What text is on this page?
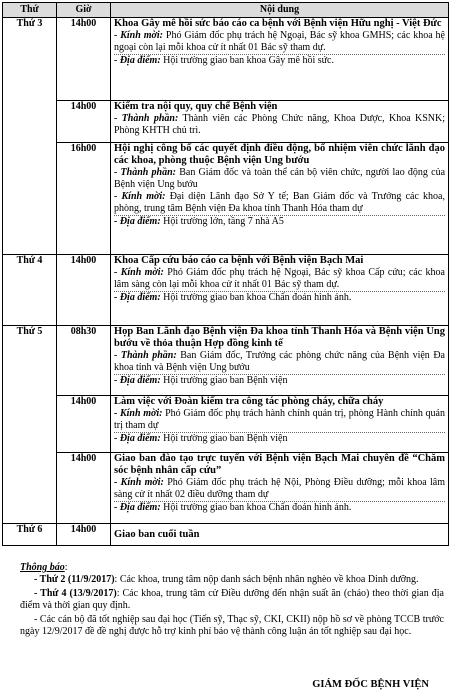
Thứ	Giờ	Nội dung
Thứ 3	14h00	Khoa Gây mê hồi sức báo cáo ca bệnh với Bệnh viện Hữu nghị - Việt Đức
- Kính mời: Phó Giám đốc phụ trách hệ Ngoại, Bác sỹ khoa GMHS; các khoa hệ ngoại còn lại mỗi khoa cử ít nhất 01 Bác sỹ tham dự.
- Địa điểm: Hội trường giao ban khoa Gây mê hồi sức.

	14h00	Kiểm tra nội quy, quy chế Bệnh viện
- Thành phần: Thành viên các Phòng Chức năng, Khoa Dược, Khoa KSNK; Phòng KHTH chủ trì.

	16h00	Hội nghị công bố các quyết định điều động, bổ nhiệm viên chức lãnh đạo các khoa, phòng thuộc Bệnh viện Ung bướu
- Thành phần: Ban Giám đốc và toàn thể cán bộ viên chức, người lao động của Bệnh viện Ung bướu
- Kính mời: Đại diện Lãnh đạo Sở Y tế; Ban Giám đốc và Trưởng các khoa, phòng, trung tâm Bệnh viện Đa khoa tỉnh Thanh Hóa tham dự
- Địa điểm: Hội trường lớn, tầng 7 nhà A5

Thứ 4	14h00	Khoa Cấp cứu báo cáo ca bệnh với Bệnh viện Bạch Mai
- Kính mời: Phó Giám đốc phụ trách hệ Ngoại, Bác sỹ khoa Cấp cứu; các khoa lâm sàng còn lại mỗi khoa cử ít nhất 01 Bác sỹ tham dự.
- Địa điểm: Hội trường giao ban khoa Chẩn đoán hình ảnh.

Thứ 5	08h30	Họp Ban Lãnh đạo Bệnh viện Đa khoa tỉnh Thanh Hóa và Bệnh viện Ung bướu về thỏa thuận Hợp đồng kinh tế
- Thành phần: Ban Giám đốc, Trưởng các phòng chức năng của Bệnh viện Đa khoa tỉnh và Bệnh viện Ung bướu
- Địa điểm: Hội trường giao ban Bệnh viện

	14h00	Làm việc với Đoàn kiểm tra công tác phòng cháy, chữa cháy
- Kính mời: Phó Giám đốc phụ trách hành chính quản trị, phòng Hành chính quản trị tham dự
- Địa điểm: Hội trường giao ban Bệnh viện

	14h00	Giao ban đào tạo trực tuyến với Bệnh viện Bạch Mai chuyên đề “Chăm sóc bệnh nhân cấp cứu”
- Kính mời: Phó Giám đốc phụ trách hệ Nội, Phòng Điều dưỡng; mỗi khoa lâm sàng cử ít nhất 02 điều dưỡng tham dự
- Địa điểm: Hội trường giao ban khoa Chẩn đoán hình ảnh.

Thứ 6	14h00	Giao ban cuối tuần
Thông báo:

- Thứ 2 (11/9/2017): Các khoa, trung tâm nộp danh sách bệnh nhân nghèo về khoa Dinh dưỡng.

- Thứ 4 (13/9/2017): Các khoa, trung tâm cử Điều dưỡng đến nhận suất ăn (cháo) theo thời gian địa điểm và thời gian quy định.

- Các cán bộ đã tốt nghiệp sau đại học (Tiến sỹ, Thạc sỹ, CKI, CKII) nộp hồ sơ về phòng TCCB trước ngày 12/9/2017 đề đề nghị được hỗ trợ kinh phí bảo vệ thành công luận án tốt nghiệp sau đại học.

GIÁM ĐỐC BỆNH VIỆN
